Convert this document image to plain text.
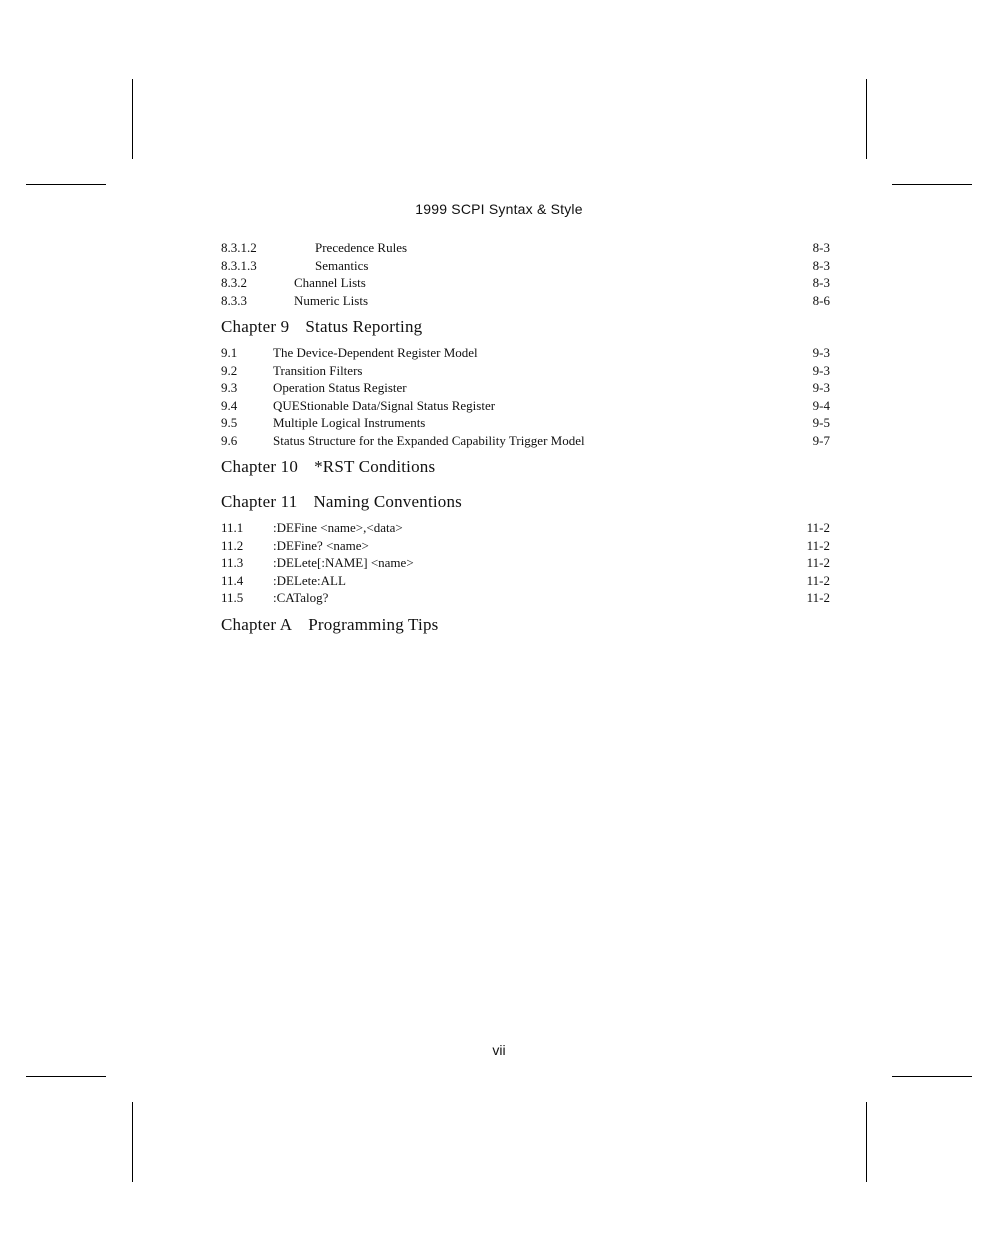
1999 SCPI Syntax & Style
8.3.1.2	Precedence Rules	8-3
8.3.1.3	Semantics	8-3
8.3.2	Channel Lists	8-3
8.3.3	Numeric Lists	8-6
Chapter 9 Status Reporting
9.1	The Device-Dependent Register Model	9-3
9.2	Transition Filters	9-3
9.3	Operation Status Register	9-3
9.4	QUEStionable Data/Signal Status Register	9-4
9.5	Multiple Logical Instruments	9-5
9.6	Status Structure for the Expanded Capability Trigger Model	9-7
Chapter 10 *RST Conditions
Chapter 11 Naming Conventions
11.1 :DEFine <name>,<data>	11-2
11.2 :DEFine? <name>	11-2
11.3 :DELete[:NAME] <name>	11-2
11.4 :DELete:ALL	11-2
11.5 :CATalog?	11-2
Chapter A Programming Tips
vii
